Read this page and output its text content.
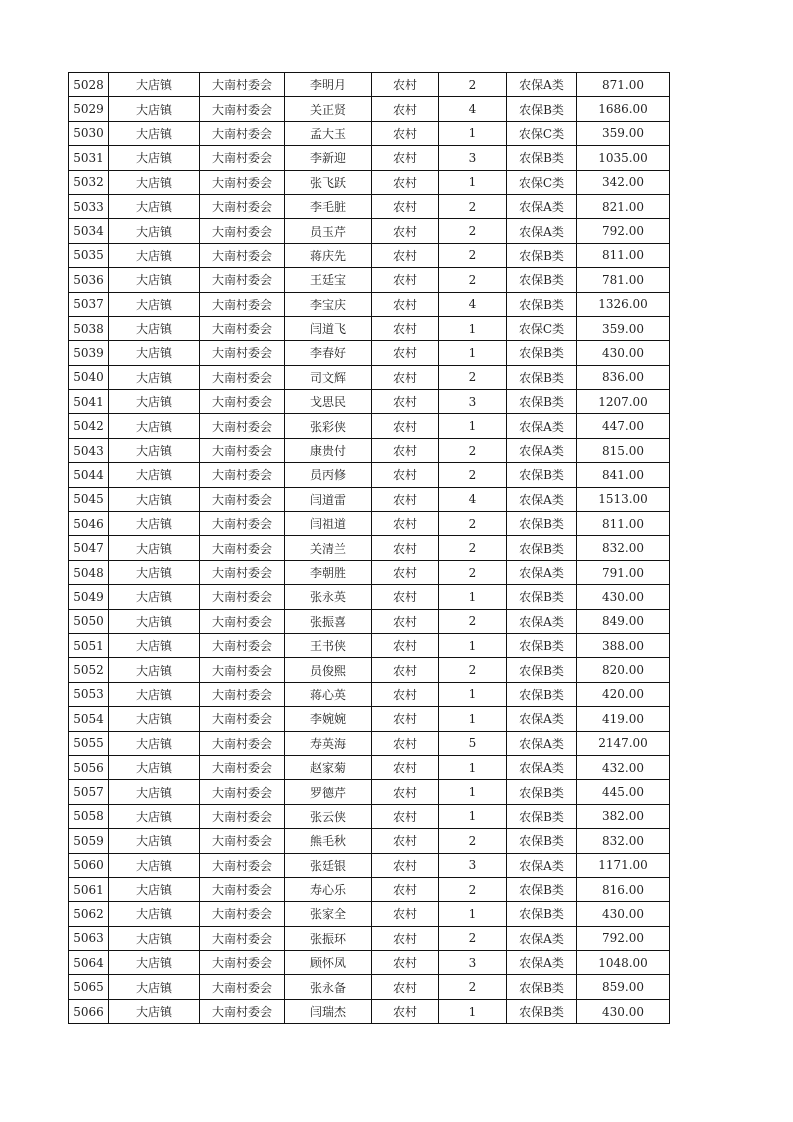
5028	大店镇	大南村委会	李明月	农村	2	农保A类	871.00
5029	大店镇	大南村委会	关正贤	农村	4	农保B类	1686.00
5030	大店镇	大南村委会	孟大玉	农村	1	农保C类	359.00
5031	大店镇	大南村委会	李新迎	农村	3	农保B类	1035.00
5032	大店镇	大南村委会	张飞跃	农村	1	农保C类	342.00
5033	大店镇	大南村委会	李毛脏	农村	2	农保A类	821.00
5034	大店镇	大南村委会	员玉芹	农村	2	农保A类	792.00
5035	大店镇	大南村委会	蒋庆先	农村	2	农保B类	811.00
5036	大店镇	大南村委会	王廷宝	农村	2	农保B类	781.00
5037	大店镇	大南村委会	李宝庆	农村	4	农保B类	1326.00
5038	大店镇	大南村委会	闫道飞	农村	1	农保C类	359.00
5039	大店镇	大南村委会	李春好	农村	1	农保B类	430.00
5040	大店镇	大南村委会	司文辉	农村	2	农保B类	836.00
5041	大店镇	大南村委会	戈思民	农村	3	农保B类	1207.00
5042	大店镇	大南村委会	张彩侠	农村	1	农保A类	447.00
5043	大店镇	大南村委会	康贵付	农村	2	农保A类	815.00
5044	大店镇	大南村委会	员丙修	农村	2	农保B类	841.00
5045	大店镇	大南村委会	闫道雷	农村	4	农保A类	1513.00
5046	大店镇	大南村委会	闫祖道	农村	2	农保B类	811.00
5047	大店镇	大南村委会	关清兰	农村	2	农保B类	832.00
5048	大店镇	大南村委会	李朝胜	农村	2	农保A类	791.00
5049	大店镇	大南村委会	张永英	农村	1	农保B类	430.00
5050	大店镇	大南村委会	张振喜	农村	2	农保A类	849.00
5051	大店镇	大南村委会	王书侠	农村	1	农保B类	388.00
5052	大店镇	大南村委会	员俊熙	农村	2	农保B类	820.00
5053	大店镇	大南村委会	蒋心英	农村	1	农保B类	420.00
5054	大店镇	大南村委会	李婉婉	农村	1	农保A类	419.00
5055	大店镇	大南村委会	寿英海	农村	5	农保A类	2147.00
5056	大店镇	大南村委会	赵家菊	农村	1	农保A类	432.00
5057	大店镇	大南村委会	罗德芹	农村	1	农保B类	445.00
5058	大店镇	大南村委会	张云侠	农村	1	农保B类	382.00
5059	大店镇	大南村委会	熊毛秋	农村	2	农保B类	832.00
5060	大店镇	大南村委会	张廷银	农村	3	农保A类	1171.00
5061	大店镇	大南村委会	寿心乐	农村	2	农保B类	816.00
5062	大店镇	大南村委会	张家全	农村	1	农保B类	430.00
5063	大店镇	大南村委会	张振环	农村	2	农保A类	792.00
5064	大店镇	大南村委会	顾怀凤	农村	3	农保A类	1048.00
5065	大店镇	大南村委会	张永备	农村	2	农保B类	859.00
5066	大店镇	大南村委会	闫瑞杰	农村	1	农保B类	430.00
